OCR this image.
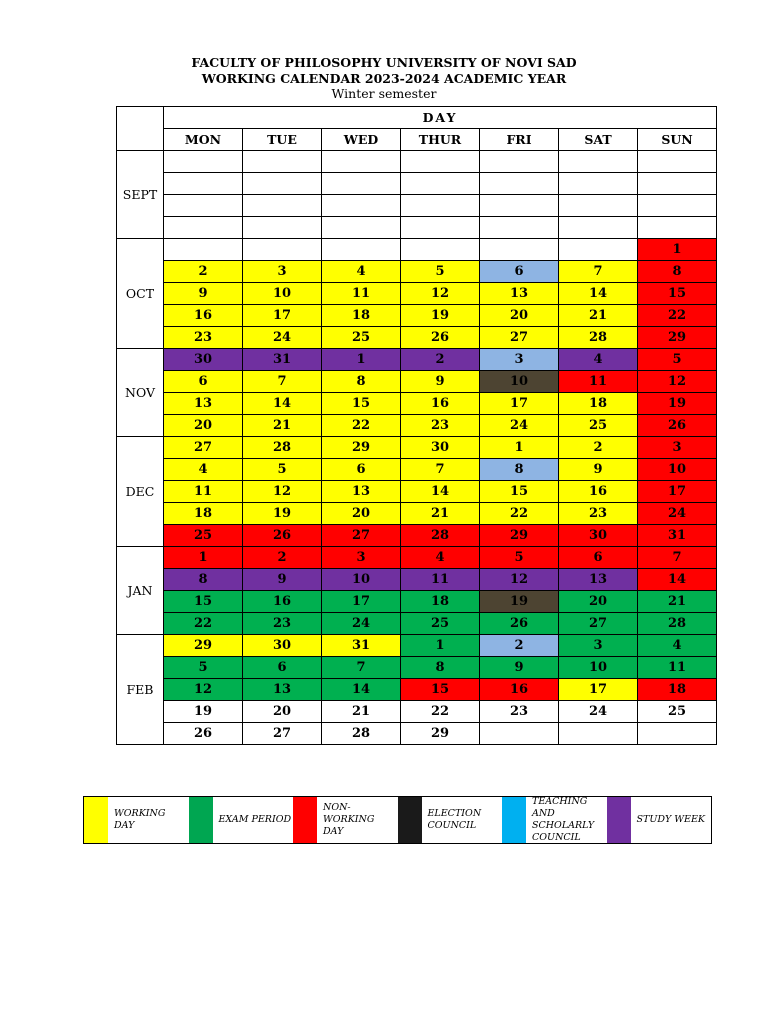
FACULTY OF PHILOSOPHY UNIVERSITY OF NOVI SAD
WORKING CALENDAR 2023-2024 ACADEMIC YEAR
Winter semester
	DAY						
	MON	TUE	WED	THUR	FRI	SAT	SUN
SEPT							

OCT							1
	2	3	4	5	6	7	8
	9	10	11	12	13	14	15
	16	17	18	19	20	21	22
	23	24	25	26	27	28	29
NOV	30	31	1	2	3	4	5
	6	7	8	9	10	11	12
	13	14	15	16	17	18	19
	20	21	22	23	24	25	26
DEC	27	28	29	30	1	2	3
	4	5	6	7	8	9	10
	11	12	13	14	15	16	17
	18	19	20	21	22	23	24
	25	26	27	28	29	30	31
JAN	1	2	3	4	5	6	7
	8	9	10	11	12	13	14
	15	16	17	18	19	20	21
	22	23	24	25	26	27	28
FEB	29	30	31	1	2	3	4
	5	6	7	8	9	10	11
	12	13	14	15	16	17	18
	19	20	21	22	23	24	25
	26	27	28	29			
WORKING DAY
EXAM PERIOD
NON-WORKING DAY
ELECTION COUNCIL
TEACHING AND SCHOLARLY COUNCIL
STUDY WEEK
